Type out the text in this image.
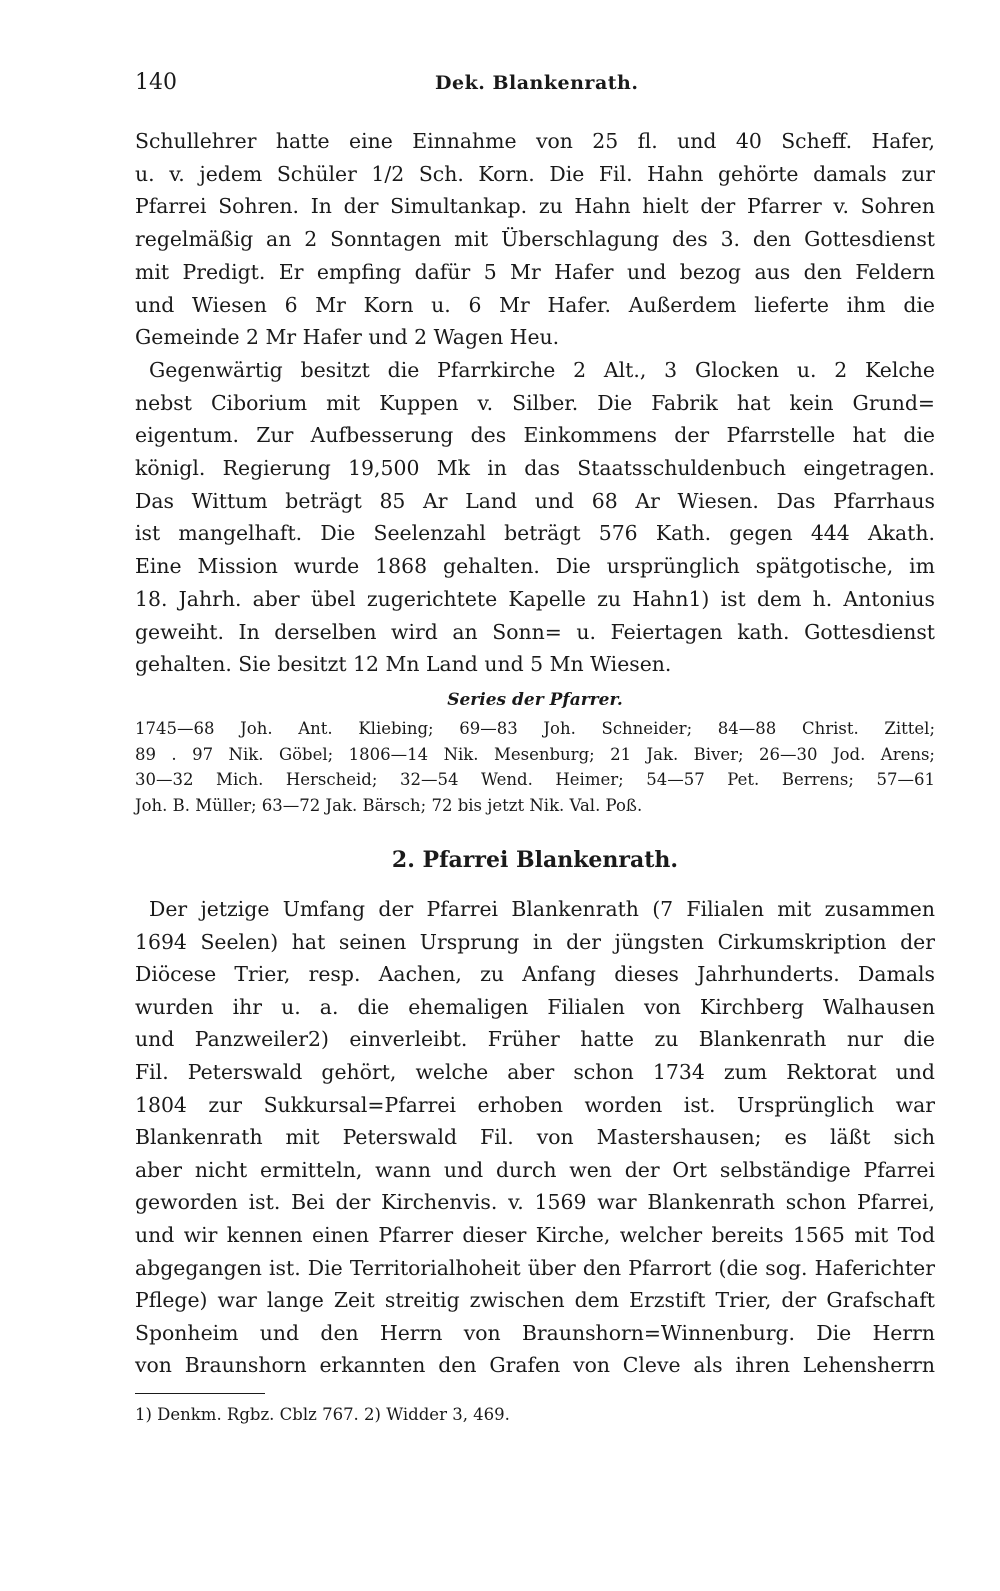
140	Dek. Blankenrath.
Schullehrer hatte eine Einnahme von 25 fl. und 40 Scheff. Hafer,
u. v. jedem Schüler 1/2 Sch. Korn. Die Fil. Hahn gehörte damals zur
Pfarrei Sohren. In der Simultankap. zu Hahn hielt der Pfarrer v. Sohren
regelmäßig an 2 Sonntagen mit Überschlagung des 3. den Gottesdienst
mit Predigt. Er empfing dafür 5 Mr Hafer und bezog aus den Feldern
und Wiesen 6 Mr Korn u. 6 Mr Hafer. Außerdem lieferte ihm die
Gemeinde 2 Mr Hafer und 2 Wagen Heu.
Gegenwärtig besitzt die Pfarrkirche 2 Alt., 3 Glocken u. 2 Kelche
nebst Ciborium mit Kuppen v. Silber. Die Fabrik hat kein Grund=
eigentum. Zur Aufbesserung des Einkommens der Pfarrstelle hat die
königl. Regierung 19,500 Mk in das Staatsschuldenbuch eingetragen.
Das Wittum beträgt 85 Ar Land und 68 Ar Wiesen. Das Pfarrhaus
ist mangelhaft. Die Seelenzahl beträgt 576 Kath. gegen 444 Akath.
Eine Mission wurde 1868 gehalten. Die ursprünglich spätgotische, im
18. Jahrh. aber übel zugerichtete Kapelle zu Hahn1) ist dem h. Antonius
geweiht. In derselben wird an Sonn= u. Feiertagen kath. Gottesdienst
gehalten. Sie besitzt 12 Mn Land und 5 Mn Wiesen.
Series der Pfarrer.
1745—68 Joh. Ant. Kliebing; 69—83 Joh. Schneider; 84—88 Christ. Zittel;
89 . 97 Nik. Göbel; 1806—14 Nik. Mesenburg; 21 Jak. Biver; 26—30 Jod. Arens;
30—32 Mich. Herscheid; 32—54 Wend. Heimer; 54—57 Pet. Berrens; 57—61
Joh. B. Müller; 63—72 Jak. Bärsch; 72 bis jetzt Nik. Val. Poß.
2. Pfarrei Blankenrath.
Der jetzige Umfang der Pfarrei Blankenrath (7 Filialen mit zusammen
1694 Seelen) hat seinen Ursprung in der jüngsten Cirkumskription der
Diöcese Trier, resp. Aachen, zu Anfang dieses Jahrhunderts. Damals
wurden ihr u. a. die ehemaligen Filialen von Kirchberg Walhausen
und Panzweiler2) einverleibt. Früher hatte zu Blankenrath nur die
Fil. Peterswald gehört, welche aber schon 1734 zum Rektorat und
1804 zur Sukkursal=Pfarrei erhoben worden ist. Ursprünglich war
Blankenrath mit Peterswald Fil. von Mastershausen; es läßt sich
aber nicht ermitteln, wann und durch wen der Ort selbständige Pfarrei
geworden ist. Bei der Kirchenvis. v. 1569 war Blankenrath schon Pfarrei,
und wir kennen einen Pfarrer dieser Kirche, welcher bereits 1565 mit Tod
abgegangen ist. Die Territorialhoheit über den Pfarrort (die sog. Haferichter
Pflege) war lange Zeit streitig zwischen dem Erzstift Trier, der Grafschaft
Sponheim und den Herrn von Braunshorn=Winnenburg. Die Herrn
von Braunshorn erkannten den Grafen von Cleve als ihren Lehensherrn
1) Denkm. Rgbz. Cblz 767. 2) Widder 3, 469.
